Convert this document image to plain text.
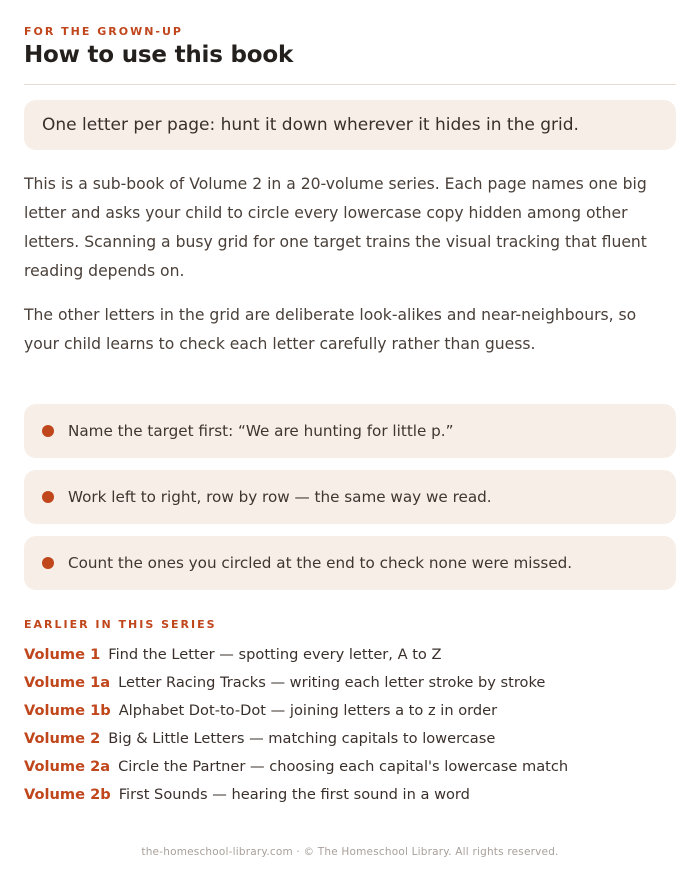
FOR THE GROWN-UP
How to use this book
One letter per page: hunt it down wherever it hides in the grid.

This is a sub-book of Volume 2 in a 20-volume series. Each page names one big letter and asks your child to circle every lowercase copy hidden among other letters. Scanning a busy grid for one target trains the visual tracking that fluent reading depends on.

The other letters in the grid are deliberate look-alikes and near-neighbours, so your child learns to check each letter carefully rather than guess.

Name the target first: “We are hunting for little p.”
Work left to right, row by row — the same way we read.
Count the ones you circled at the end to check none were missed.
EARLIER IN THIS SERIES
Volume 1 Find the Letter — spotting every letter, A to Z
Volume 1a Letter Racing Tracks — writing each letter stroke by stroke
Volume 1b Alphabet Dot-to-Dot — joining letters a to z in order
Volume 2 Big & Little Letters — matching capitals to lowercase
Volume 2a Circle the Partner — choosing each capital's lowercase match
Volume 2b First Sounds — hearing the first sound in a word
the-homeschool-library.com · © The Homeschool Library. All rights reserved.
